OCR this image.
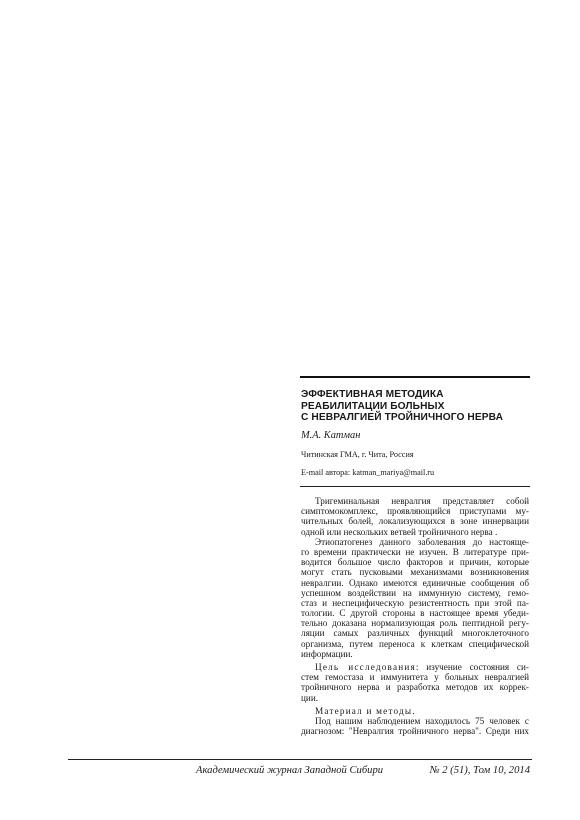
ЭФФЕКТИВНАЯ МЕТОДИКА
РЕАБИЛИТАЦИИ БОЛЬНЫХ
С НЕВРАЛГИЕЙ ТРОЙНИЧНОГО НЕРВА

М.А. Катман

Читинская ГМА, г. Чита, Россия

E-mail автора: katman_mariya@mail.ru

Тригеминальная невралгия представляет собой
симптомокомплекс, проявляющийся приступами му-
чительных болей, локализующихся в зоне иннервации
одной или нескольких ветвей тройничного нерва .
Этиопатогенез данного заболевания до настояще-
го времени практически не изучен. В литературе при-
водится большое число факторов и причин, которые
могут стать пусковыми механизмами возникновения
невралгии. Однако имеются единичные сообщения об
успешном воздействии на иммунную систему, гемо-
стаз и неспецифическую резистентность при этой па-
тологии. С другой стороны в настоящее время убеди-
тельно доказана нормализующая роль пептидной регу-
ляции самых различных функций многоклеточного
организма, путем переноса к клеткам специфической
информации.
Цель исследования: изучение состояния си-
стем гемостаза и иммунитета у больных невралгией
тройничного нерва и разработка методов их коррек-
ции.
Материал и методы.
Под нашим наблюдением находилось 75 человек с
диагнозом: "Невралгия тройничного нерва". Среди них
Академический журнал Западной Сибири	№ 2 (51), Том 10, 2014
